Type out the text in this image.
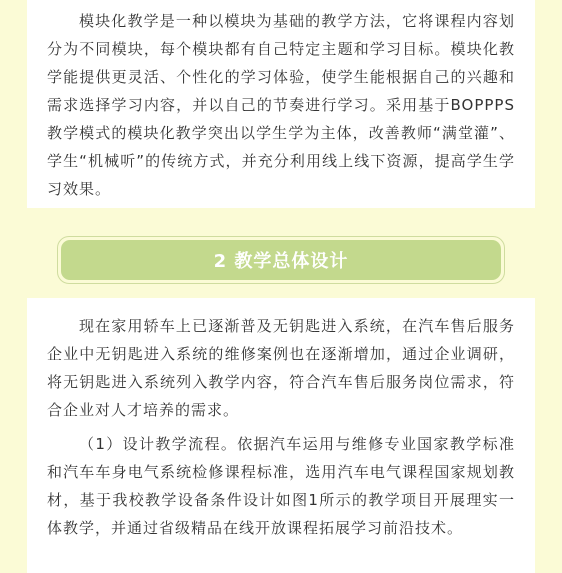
模块化教学是一种以模块为基础的教学方法，它将课程内容划分为不同模块，每个模块都有自己特定主题和学习目标。模块化教学能提供更灵活、个性化的学习体验，使学生能根据自己的兴趣和需求选择学习内容，并以自己的节奏进行学习。采用基于BOPPPS教学模式的模块化教学突出以学生学为主体，改善教师“满堂灌”、学生“机械听”的传统方式，并充分利用线上线下资源，提高学生学习效果。

2 教学总体设计

现在家用轿车上已逐渐普及无钥匙进入系统，在汽车售后服务企业中无钥匙进入系统的维修案例也在逐渐增加，通过企业调研，将无钥匙进入系统列入教学内容，符合汽车售后服务岗位需求，符合企业对人才培养的需求。

（1）设计教学流程。依据汽车运用与维修专业国家教学标准和汽车车身电气系统检修课程标准，选用汽车电气课程国家规划教材，基于我校教学设备条件设计如图1所示的教学项目开展理实一体教学，并通过省级精品在线开放课程拓展学习前沿技术。
